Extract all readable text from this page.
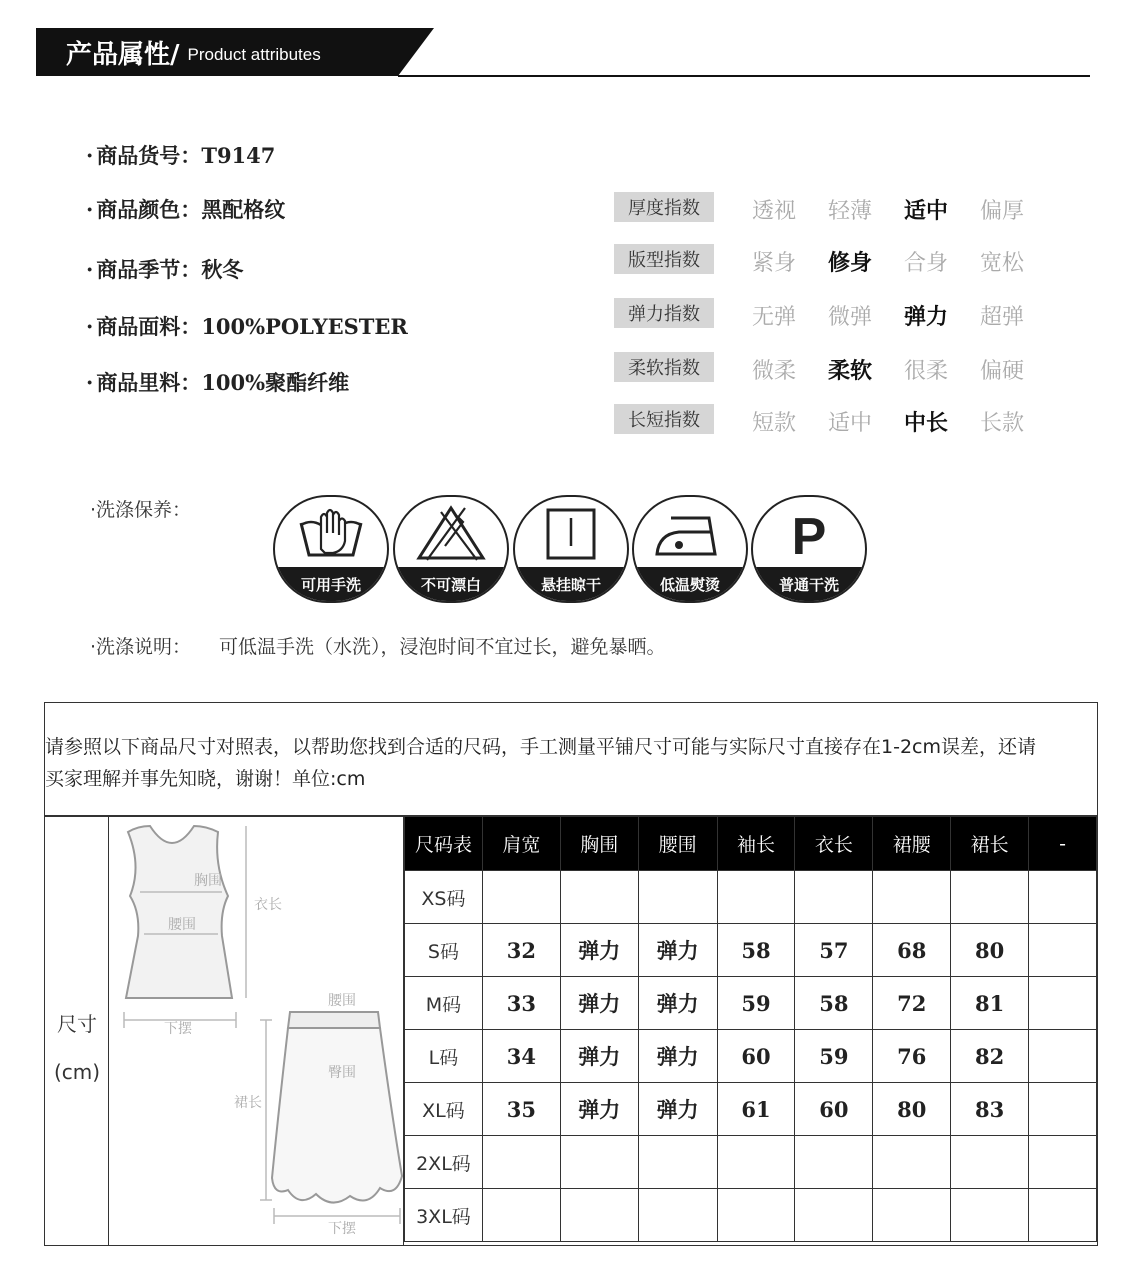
产品属性/ Product attributes
· 商品货号：T9147
· 商品颜色：黑配格纹
· 商品季节：秋冬
· 商品面料：100%POLYESTER
· 商品里料：100%聚酯纤维
厚度指数	透视 轻薄 适中 偏厚
版型指数	紧身 修身 合身 宽松
弹力指数	无弹 微弹 弹力 超弹
柔软指数	微柔 柔软 很柔 偏硬
长短指数	短款 适中 中长 长款
·洗涤保养：
可用手洗	不可漂白	悬挂晾干	低温熨烫
P
普通干洗
·洗涤说明： 可低温手洗（水洗），浸泡时间不宜过长，避免暴晒。
请参照以下商品尺寸对照表，以帮助您找到合适的尺码，手工测量平铺尺寸可能与实际尺寸直接存在1-2cm误差，还请
买家理解并事先知晓，谢谢！单位:cm
尺寸
(cm)
胸围
腰围
衣长
下摆
腰围
臀围
裙长
下摆
尺码表	肩宽	胸围	腰围	袖长	衣长	裙腰	裙长	-
XS码								
S码	32	弹力	弹力	58	57	68	80	
M码	33	弹力	弹力	59	58	72	81	
L码	34	弹力	弹力	60	59	76	82	
XL码	35	弹力	弹力	61	60	80	83	
2XL码								
3XL码								
